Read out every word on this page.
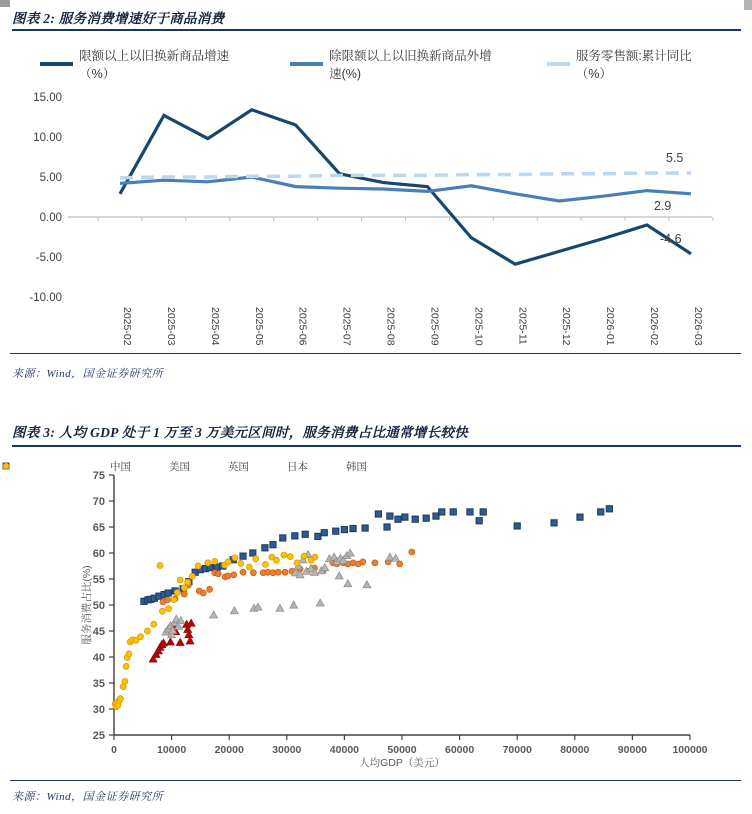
图表 2: 服务消费增速好于商品消费
限额以上以旧换新商品增速（%）
除限额以上以旧换新商品外增速(%)
服务零售额:累计同比（%）
15.00
10.00
5.00
0.00
-5.00
-10.00
2025-02	2025-03	2025-04	2025-05	2025-06	2025-07	2025-08	2025-09	2025-10	2025-11	2025-12	2026-01	2026-02	2026-03
5.5
2.9
-4.6
来源：Wind，国金证券研究所
图表 3: 人均 GDP 处于 1 万至 3 万美元区间时，服务消费占比通常增长较快
中国	美国	英国	日本	韩国
25
30
35
40
45
50
55
60
65
70
75
0	10000	20000	30000	40000	50000	60000	70000	80000	90000 100000
服务消费占比(%)
人均GDP（美元）
来源：Wind，国金证券研究所
